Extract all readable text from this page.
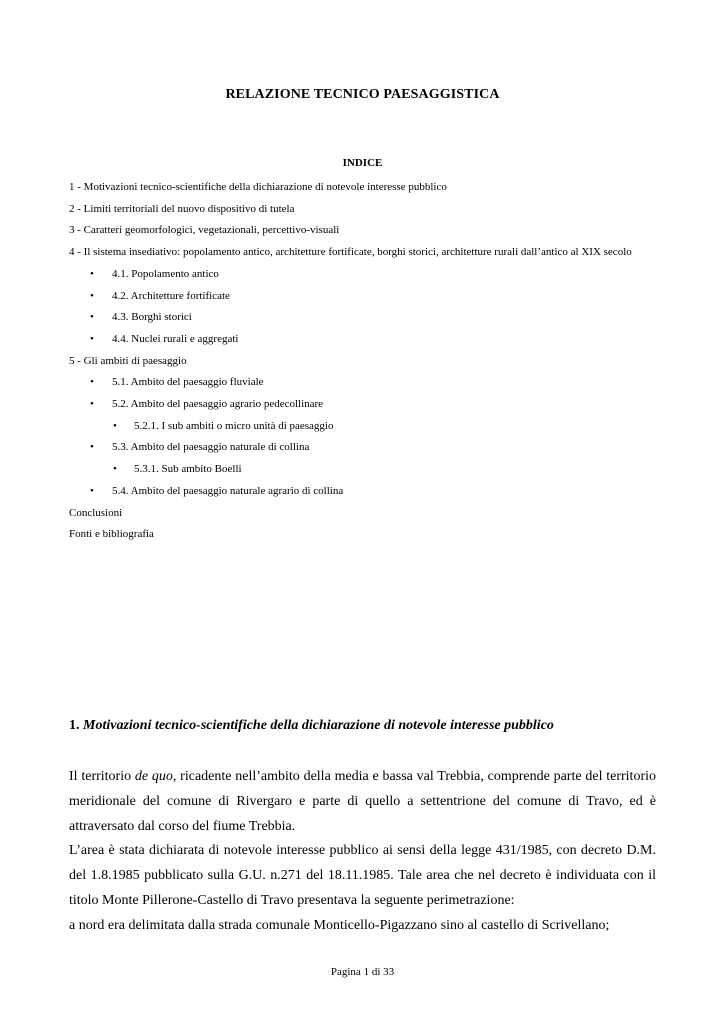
RELAZIONE TECNICO PAESAGGISTICA
INDICE
1 - Motivazioni tecnico-scientifiche della dichiarazione di notevole interesse pubblico
2 - Limiti territoriali del nuovo dispositivo di tutela
3 - Caratteri geomorfologici, vegetazionali, percettivo-visuali
4 - Il sistema insediativo: popolamento antico, architetture fortificate, borghi storici, architetture rurali dall’antico al XIX secolo
• 4.1. Popolamento antico
• 4.2. Architetture fortificate
• 4.3. Borghi storici
• 4.4. Nuclei rurali e aggregati
5 - Gli ambiti di paesaggio
• 5.1. Ambito del paesaggio fluviale
• 5.2. Ambito del paesaggio agrario pedecollinare
• 5.2.1. I sub ambiti o micro unità di paesaggio
• 5.3. Ambito del paesaggio naturale di collina
• 5.3.1. Sub ambito Boelli
• 5.4. Ambito del paesaggio naturale agrario di collina
Conclusioni
Fonti e bibliografia
1. Motivazioni tecnico-scientifiche della dichiarazione di notevole interesse pubblico

Il territorio de quo, ricadente nell’ambito della media e bassa val Trebbia, comprende parte del territorio meridionale del comune di Rivergaro e parte di quello a settentrione del comune di Travo, ed è attraversato dal corso del fiume Trebbia.

L’area è stata dichiarata di notevole interesse pubblico ai sensi della legge 431/1985, con decreto D.M. del 1.8.1985 pubblicato sulla G.U. n.271 del 18.11.1985. Tale area che nel decreto è individuata con il titolo Monte Pillerone-Castello di Travo presentava la seguente perimetrazione:

a nord era delimitata dalla strada comunale Monticello-Pigazzano sino al castello di Scrivellano;

Pagina 1 di 33
